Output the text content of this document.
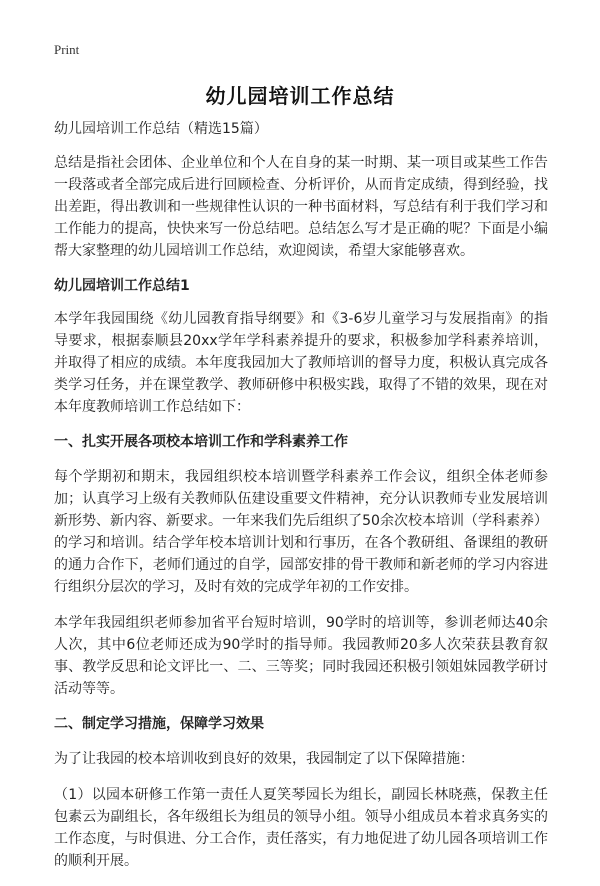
Print
幼儿园培训工作总结

幼儿园培训工作总结（精选15篇）

总结是指社会团体、企业单位和个人在自身的某一时期、某一项目或某些工作告一段落或者全部完成后进行回顾检查、分析评价，从而肯定成绩，得到经验，找出差距，得出教训和一些规律性认识的一种书面材料，写总结有利于我们学习和工作能力的提高，快快来写一份总结吧。总结怎么写才是正确的呢？下面是小编帮大家整理的幼儿园培训工作总结，欢迎阅读，希望大家能够喜欢。

幼儿园培训工作总结1

本学年我园围绕《幼儿园教育指导纲要》和《3-6岁儿童学习与发展指南》的指导要求，根据泰顺县20xx学年学科素养提升的要求，积极参加学科素养培训，并取得了相应的成绩。本年度我园加大了教师培训的督导力度，积极认真完成各类学习任务，并在课堂教学、教师研修中积极实践，取得了不错的效果，现在对本年度教师培训工作总结如下：

一、扎实开展各项校本培训工作和学科素养工作

每个学期初和期末，我园组织校本培训暨学科素养工作会议，组织全体老师参加；认真学习上级有关教师队伍建设重要文件精神，充分认识教师专业发展培训新形势、新内容、新要求。一年来我们先后组织了50余次校本培训（学科素养）的学习和培训。结合学年校本培训计划和行事历，在各个教研组、备课组的教研的通力合作下，老师们通过的自学，园部安排的骨干教师和新老师的学习内容进行组织分层次的学习，及时有效的完成学年初的工作安排。

本学年我园组织老师参加省平台短时培训，90学时的培训等，参训老师达40余人次，其中6位老师还成为90学时的指导师。我园教师20多人次荣获县教育叙事、教学反思和论文评比一、二、三等奖；同时我园还积极引领姐妹园教学研讨活动等等。

二、制定学习措施，保障学习效果

为了让我园的校本培训收到良好的效果，我园制定了以下保障措施：

（1）以园本研修工作第一责任人夏笑琴园长为组长，副园长林晓燕，保教主任包素云为副组长，各年级组长为组员的领导小组。领导小组成员本着求真务实的工作态度，与时俱进、分工合作，责任落实，有力地促进了幼儿园各项培训工作的顺利开展。
